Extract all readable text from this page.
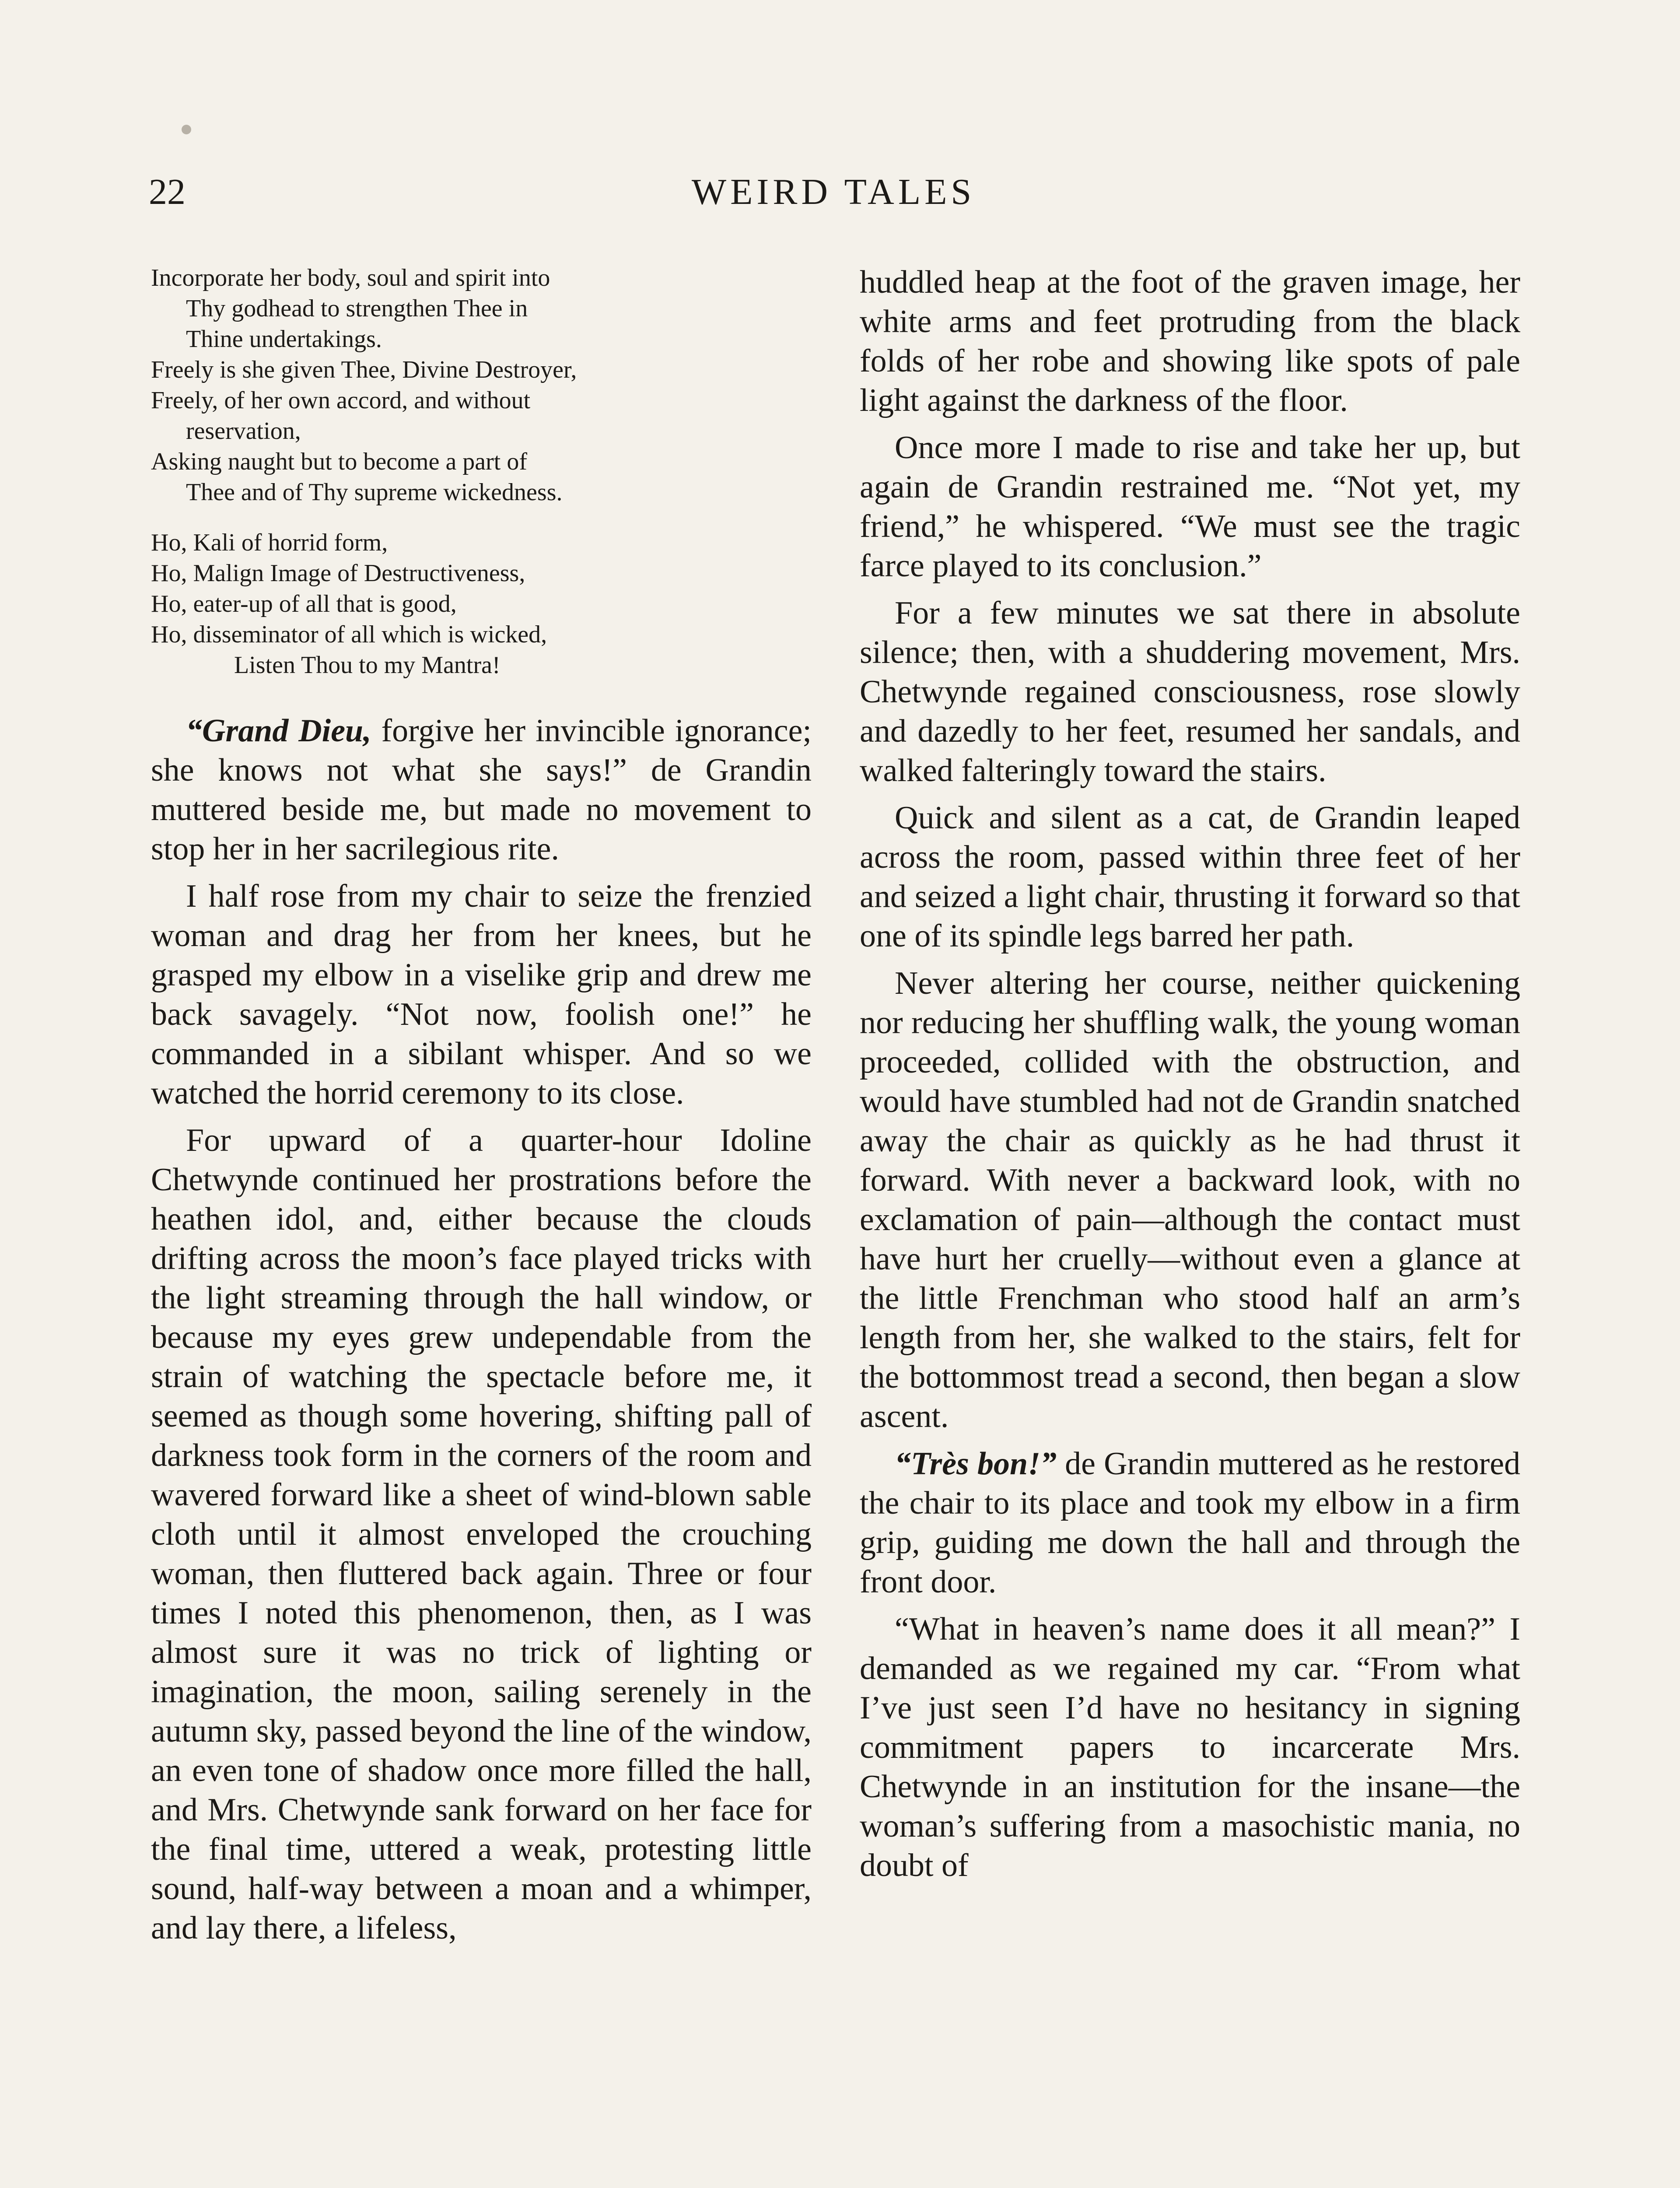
22	WEIRD TALES
Incorporate her body, soul and spirit into
Thy godhead to strengthen Thee in
Thine undertakings.
Freely is she given Thee, Divine Destroyer,
Freely, of her own accord, and without
reservation,
Asking naught but to become a part of
Thee and of Thy supreme wickedness.
Ho, Kali of horrid form,
Ho, Malign Image of Destructiveness,
Ho, eater-up of all that is good,
Ho, disseminator of all which is wicked,
Listen Thou to my Mantra!

“Grand Dieu, forgive her invincible ignorance; she knows not what she says!” de Grandin muttered beside me, but made no movement to stop her in her sacrilegious rite.

I half rose from my chair to seize the frenzied woman and drag her from her knees, but he grasped my elbow in a viselike grip and drew me back savagely. “Not now, foolish one!” he commanded in a sibilant whisper. And so we watched the horrid ceremony to its close.

For upward of a quarter-hour Idoline Chetwynde continued her prostrations before the heathen idol, and, either because the clouds drifting across the moon’s face played tricks with the light streaming through the hall window, or because my eyes grew undependable from the strain of watching the spectacle before me, it seemed as though some hovering, shifting pall of darkness took form in the corners of the room and wavered forward like a sheet of wind-blown sable cloth until it almost enveloped the crouching woman, then fluttered back again. Three or four times I noted this phenomenon, then, as I was almost sure it was no trick of lighting or imagination, the moon, sailing serenely in the autumn sky, passed beyond the line of the window, an even tone of shadow once more filled the hall, and Mrs. Chetwynde sank forward on her face for the final time, uttered a weak, protesting little sound, half-way between a moan and a whimper, and lay there, a lifeless,

huddled heap at the foot of the graven image, her white arms and feet protruding from the black folds of her robe and showing like spots of pale light against the darkness of the floor.

Once more I made to rise and take her up, but again de Grandin restrained me. “Not yet, my friend,” he whispered. “We must see the tragic farce played to its conclusion.”

For a few minutes we sat there in absolute silence; then, with a shuddering movement, Mrs. Chetwynde regained consciousness, rose slowly and dazedly to her feet, resumed her sandals, and walked falteringly toward the stairs.

Quick and silent as a cat, de Grandin leaped across the room, passed within three feet of her and seized a light chair, thrusting it forward so that one of its spindle legs barred her path.

Never altering her course, neither quickening nor reducing her shuffling walk, the young woman proceeded, collided with the obstruction, and would have stumbled had not de Grandin snatched away the chair as quickly as he had thrust it forward. With never a backward look, with no exclamation of pain—although the contact must have hurt her cruelly—without even a glance at the little Frenchman who stood half an arm’s length from her, she walked to the stairs, felt for the bottommost tread a second, then began a slow ascent.

“Très bon!” de Grandin muttered as he restored the chair to its place and took my elbow in a firm grip, guiding me down the hall and through the front door.

“What in heaven’s name does it all mean?” I demanded as we regained my car. “From what I’ve just seen I’d have no hesitancy in signing commitment papers to incarcerate Mrs. Chetwynde in an institution for the insane—the woman’s suffering from a masochistic mania, no doubt of
